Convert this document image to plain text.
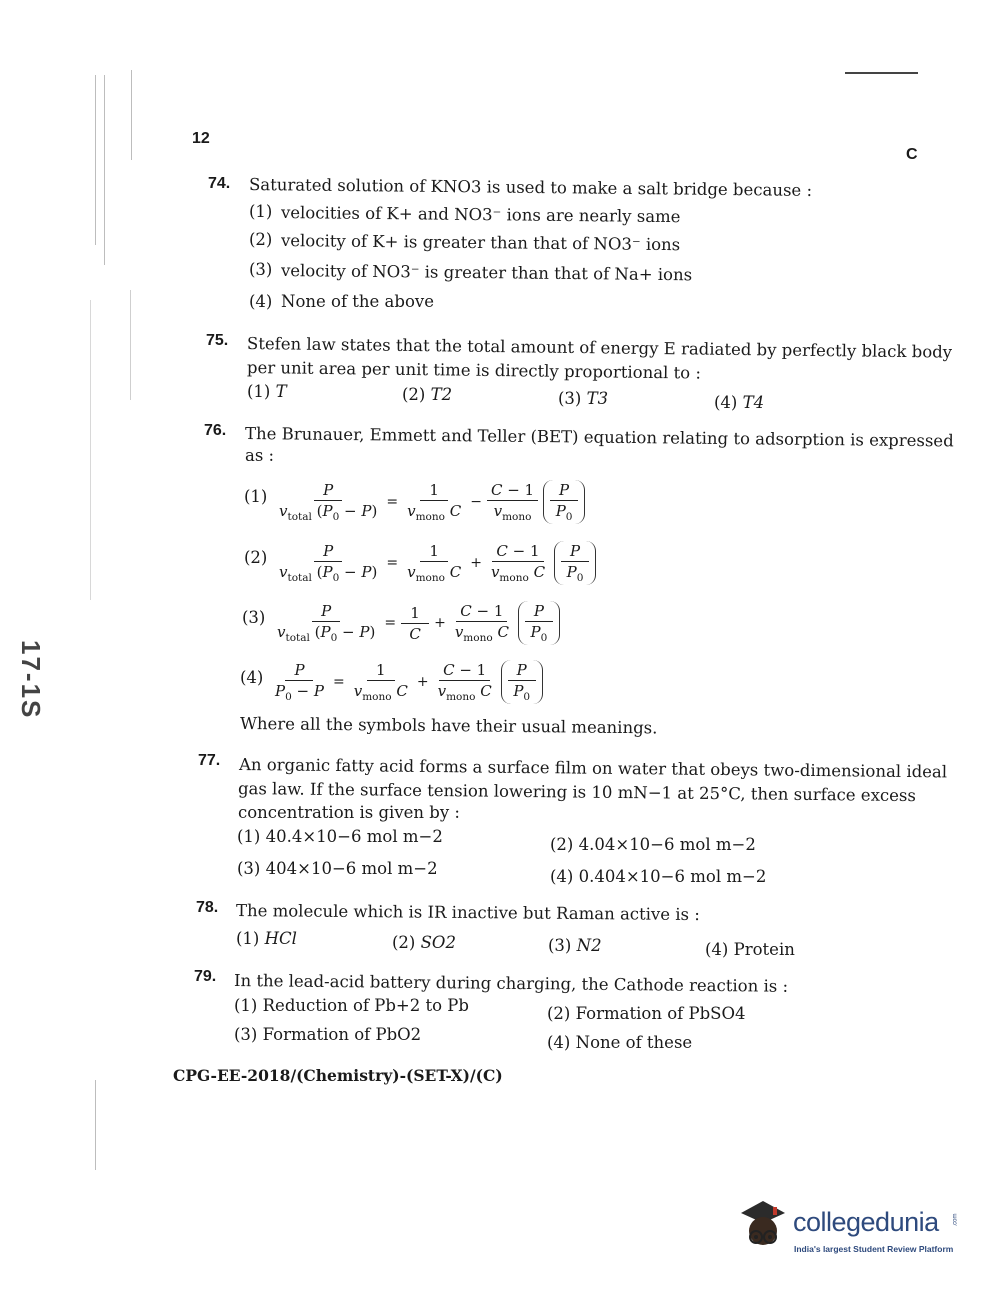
17-1S
12
C
74. Saturated solution of KNO3 is used to make a salt bridge because :
(1) velocities of K+ and NO3⁻ ions are nearly same
(2) velocity of K+ is greater than that of NO3⁻ ions
(3) velocity of NO3⁻ is greater than that of Na+ ions
(4) None of the above
75. Stefen law states that the total amount of energy E radiated by perfectly black body
per unit area per unit time is directly proportional to :
(1) T	(2) T2	(3) T3	(4) T4
76. The Brunauer, Emmett and Teller (BET) equation relating to adsorption is expressed
as :
$(1) \frac{P}{v_{total} (P_0 - P)} = \frac{1}{v_{mono} C} - \frac{C - 1}{v_{mono}} \frac{P}{P_0}$
$(2) \frac{P}{v_{total} (P_0 - P)} = \frac{1}{v_{mono} C} + \frac{C - 1}{v_{mono} C} \frac{P}{P_0}$
$(3) \frac{P}{v_{total} (P_0 - P)} = \frac{1}{C} + \frac{C - 1}{v_{mono} C} \frac{P}{P_0}$
$(4) \frac{P}{P_0 - P} = \frac{1}{v_{mono} C} + \frac{C - 1}{v_{mono} C} \frac{P}{P_0}$
Where all the symbols have their usual meanings.
77. An organic fatty acid forms a surface film on water that obeys two-dimensional ideal
gas law. If the surface tension lowering is 10 mN−1 at 25°C, then surface excess
concentration is given by :
(1) 40.4×10−6 mol m−2	(2) 4.04×10−6 mol m−2
(3) 404×10−6 mol m−2	(4) 0.404×10−6 mol m−2
78. The molecule which is IR inactive but Raman active is :
(1) HCl	(2) SO2	(3) N2	(4) Protein
79. In the lead-acid battery during charging, the Cathode reaction is :
(1) Reduction of Pb+2 to Pb	(2) Formation of PbSO4
(3) Formation of PbO2	(4) None of these
CPG-EE-2018/(Chemistry)-(SET-X)/(C)
collegedunia .com
India's largest Student Review Platform
